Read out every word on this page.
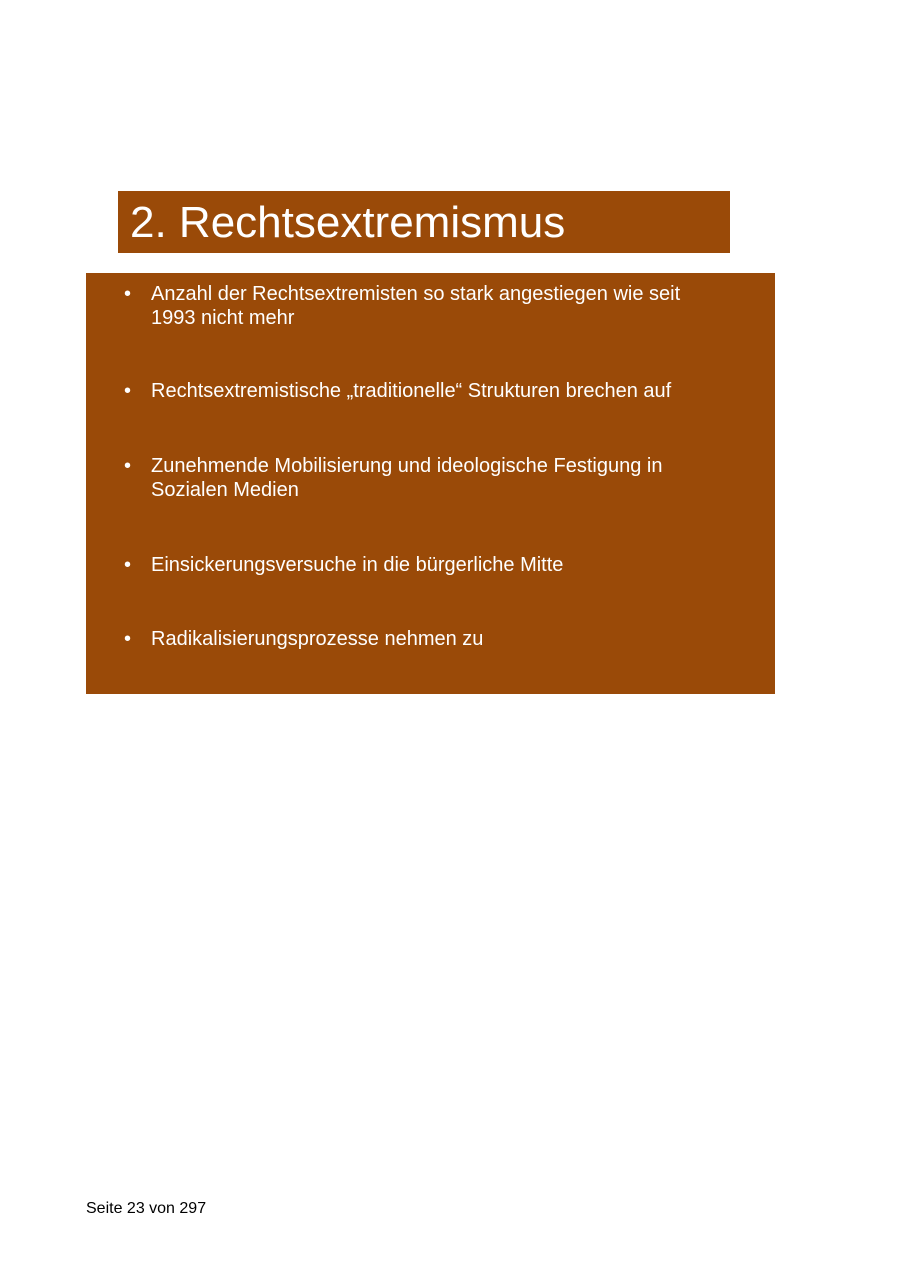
2. Rechtsextremismus
• Anzahl der Rechtsextremisten so stark angestiegen wie seit 1993 nicht mehr
• Rechtsextremistische „traditionelle“ Strukturen brechen auf
• Zunehmende Mobilisierung und ideologische Festigung in Sozialen Medien
• Einsickerungsversuche in die bürgerliche Mitte
• Radikalisierungsprozesse nehmen zu
Seite 23 von 297
